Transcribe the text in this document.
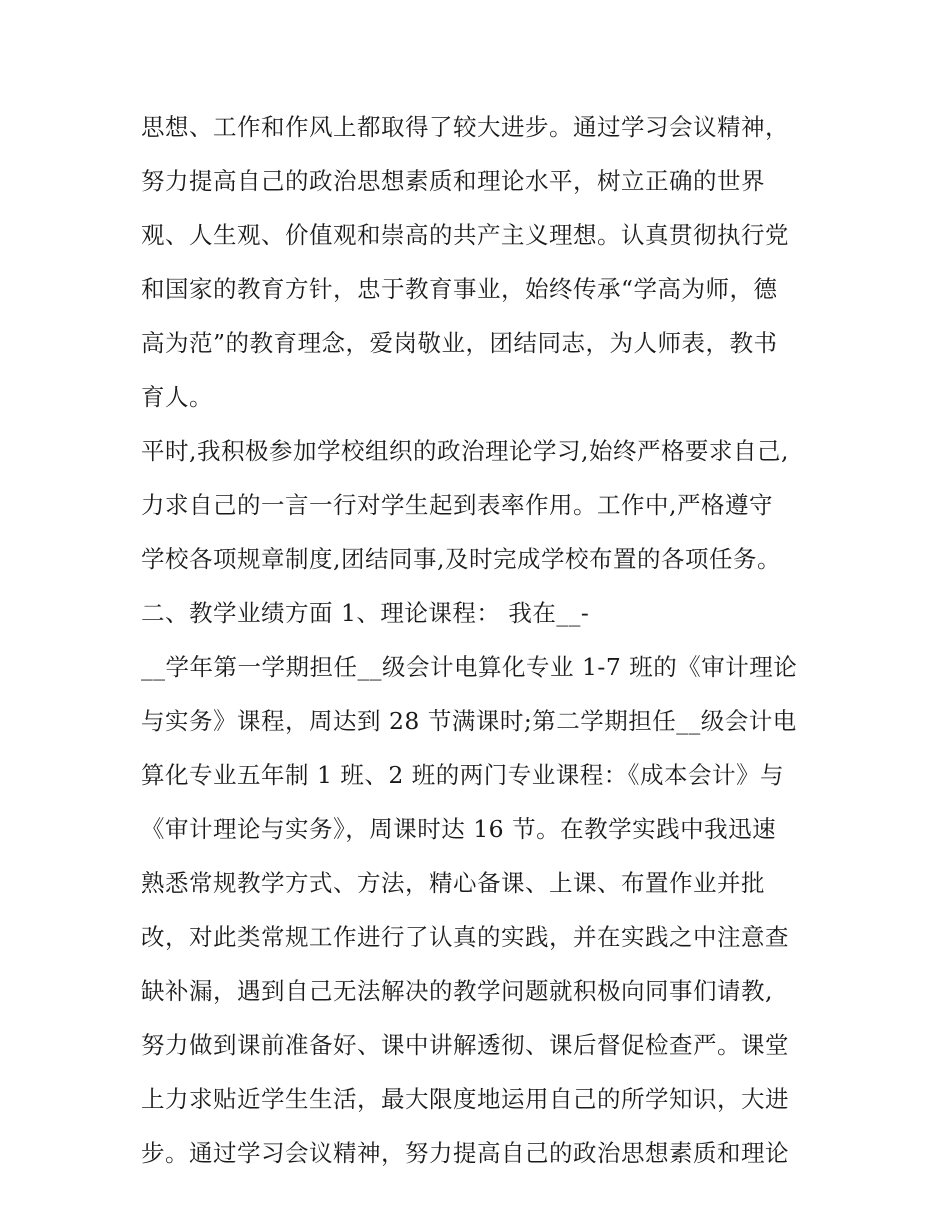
思想、工作和作风上都取得了较大进步。通过学习会议精神，
努力提高自己的政治思想素质和理论水平，树立正确的世界
观、人生观、价值观和崇高的共产主义理想。认真贯彻执行党
和国家的教育方针，忠于教育事业，始终传承“学高为师，德
高为范”的教育理念，爱岗敬业，团结同志，为人师表，教书
育人。
平时,我积极参加学校组织的政治理论学习,始终严格要求自己,
力求自己的一言一行对学生起到表率作用。工作中,严格遵守
学校各项规章制度,团结同事,及时完成学校布置的各项任务。
二、教学业绩方面 1、理论课程： 我在__-
__学年第一学期担任__级会计电算化专业 1-7 班的《审计理论
与实务》课程，周达到 28 节满课时;第二学期担任__级会计电
算化专业五年制 1 班、2 班的两门专业课程：《成本会计》与
《审计理论与实务》，周课时达 16 节。在教学实践中我迅速
熟悉常规教学方式、方法，精心备课、上课、布置作业并批
改，对此类常规工作进行了认真的实践，并在实践之中注意查
缺补漏，遇到自己无法解决的教学问题就积极向同事们请教,
努力做到课前准备好、课中讲解透彻、课后督促检查严。课堂
上力求贴近学生生活，最大限度地运用自己的所学知识，大进
步。通过学习会议精神，努力提高自己的政治思想素质和理论
